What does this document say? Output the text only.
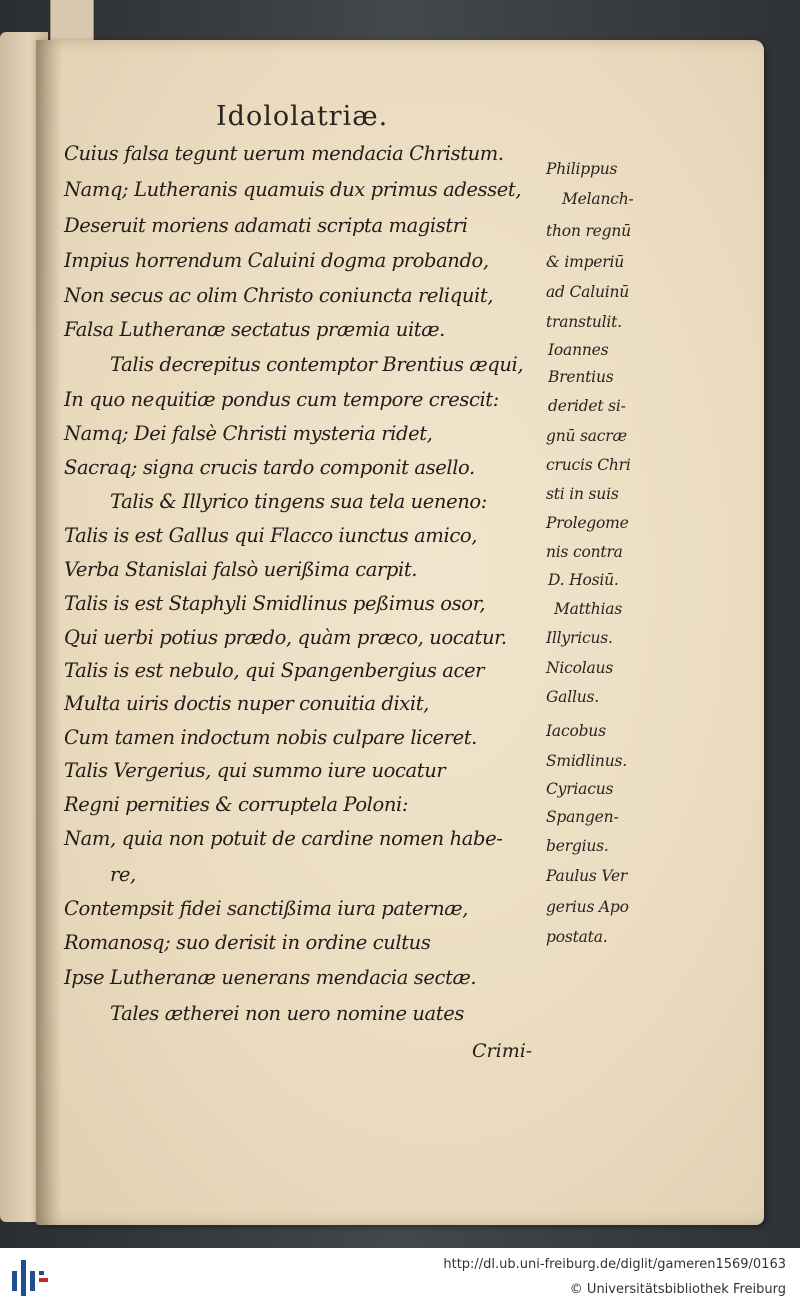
Idololatriæ.
Cuius falsa tegunt uerum mendacia Christum.
Namq; Lutheranis quamuis dux primus adesset,
Deseruit moriens adamati scripta magistri
Impius horrendum Caluini dogma probando,
Non secus ac olim Christo coniuncta reliquit,
Falsa Lutheranæ sectatus præmia uitæ.
Talis decrepitus contemptor Brentius æqui,
In quo nequitiæ pondus cum tempore crescit:
Namq; Dei falsè Christi mysteria ridet,
Sacraq; signa crucis tardo componit asello.
Talis & Illyrico tingens sua tela ueneno:
Talis is est Gallus qui Flacco iunctus amico,
Verba Stanislai falsò uerißima carpit.
Talis is est Staphyli Smidlinus peßimus osor,
Qui uerbi potius prædo, quàm præco, uocatur.
Talis is est nebulo, qui Spangenbergius acer
Multa uiris doctis nuper conuitia dixit,
Cum tamen indoctum nobis culpare liceret.
Talis Vergerius, qui summo iure uocatur
Regni pernities & corruptela Poloni:
Nam, quia non potuit de cardine nomen habe-
re,
Contempsit fidei sanctißima iura paternæ,
Romanosq; suo derisit in ordine cultus
Ipse Lutheranæ uenerans mendacia sectæ.
Tales ætherei non uero nomine uates
Philippus
Melanch-
thon regnū
& imperiū
ad Caluinū
transtulit.
Ioannes
Brentius
deridet si-
gnū sacræ
crucis Chri
sti in suis
Prolegome
nis contra
D. Hosiū.
Matthias
Illyricus.
Nicolaus
Gallus.
Iacobus
Smidlinus.
Cyriacus
Spangen-
bergius.
Paulus Ver
gerius Apo
postata.
Crimi-
http://dl.ub.uni-freiburg.de/diglit/gameren1569/0163
© Universitätsbibliothek Freiburg
